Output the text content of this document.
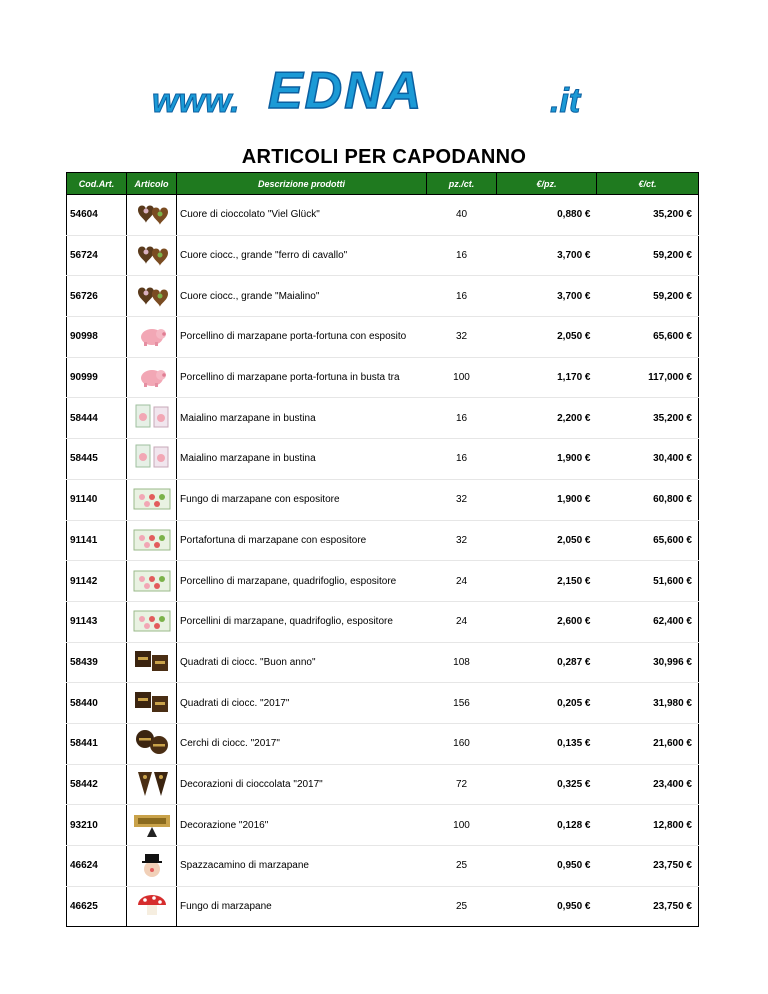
www. EDNA	.it
ARTICOLI PER CAPODANNO
Cod.Art.	Articolo	Descrizione prodotti	pz./ct.	€/pz.	€/ct.
54604		Cuore di cioccolato "Viel Glück"	40	0,880 €	35,200 €
56724		Cuore ciocc., grande "ferro di cavallo"	16	3,700 €	59,200 €
56726		Cuore ciocc., grande "Maialino"	16	3,700 €	59,200 €
90998		Porcellino di marzapane porta-fortuna con esposito	32	2,050 €	65,600 €
90999		Porcellino di marzapane porta-fortuna in busta tra	100	1,170 €	117,000 €
58444		Maialino marzapane in bustina	16	2,200 €	35,200 €
58445		Maialino marzapane in bustina	16	1,900 €	30,400 €
91140		Fungo di marzapane con espositore	32	1,900 €	60,800 €
91141		Portafortuna di marzapane con espositore	32	2,050 €	65,600 €
91142		Porcellino di marzapane, quadrifoglio, espositore	24	2,150 €	51,600 €
91143		Porcellini di marzapane, quadrifoglio, espositore	24	2,600 €	62,400 €
58439		Quadrati di ciocc. "Buon anno"	108	0,287 €	30,996 €
58440		Quadrati di ciocc. "2017"	156	0,205 €	31,980 €
58441		Cerchi di ciocc. "2017"	160	0,135 €	21,600 €
58442		Decorazioni di cioccolata "2017"	72	0,325 €	23,400 €
93210		Decorazione "2016"	100	0,128 €	12,800 €
46624		Spazzacamino di marzapane	25	0,950 €	23,750 €
46625		Fungo di marzapane	25	0,950 €	23,750 €
